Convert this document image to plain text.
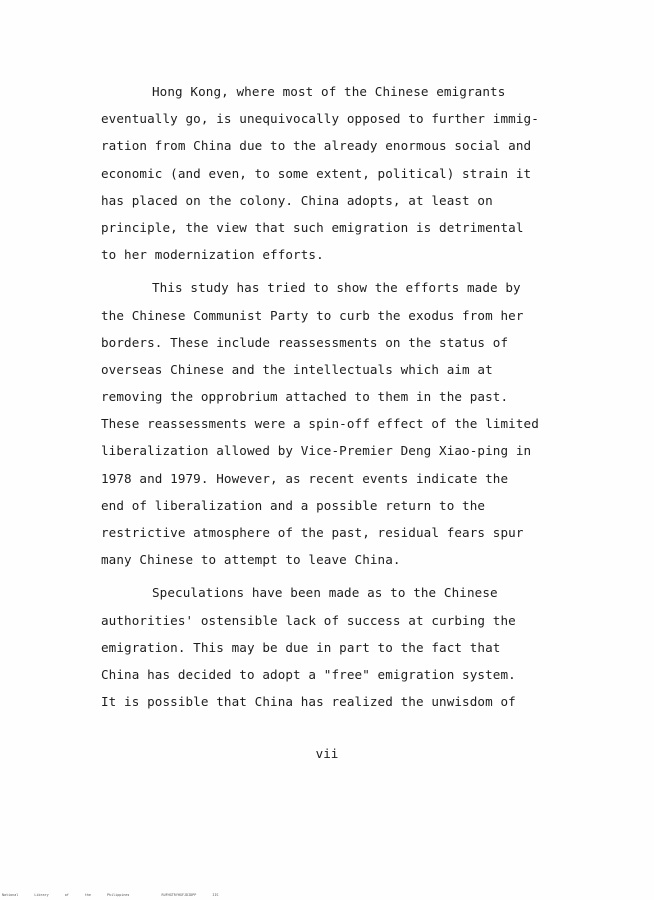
Hong Kong, where most of the Chinese emigrants
eventually go, is unequivocally opposed to further immig-
ration from China due to the already enormous social and
economic (and even, to some extent, political) strain it
has placed on the colony. China adopts, at least on
principle, the view that such emigration is detrimental
to her modernization efforts.
This study has tried to show the efforts made by
the Chinese Communist Party to curb the exodus from her
borders. These include reassessments on the status of
overseas Chinese and the intellectuals which aim at
removing the opprobrium attached to them in the past.
These reassessments were a spin-off effect of the limited
liberalization allowed by Vice-Premier Deng Xiao-ping in
1978 and 1979. However, as recent events indicate the
end of liberalization and a possible return to the
restrictive atmosphere of the past, residual fears spur
many Chinese to attempt to leave China.
Speculations have been made as to the Chinese
authorities' ostensible lack of success at curbing the
emigration. This may be due in part to the fact that
China has decided to adopt a "free" emigration system.
It is possible that China has realized the unwisdom of
vii
National Library of the Philippines  RUFHGTRYHGFJDIDPP IIS
